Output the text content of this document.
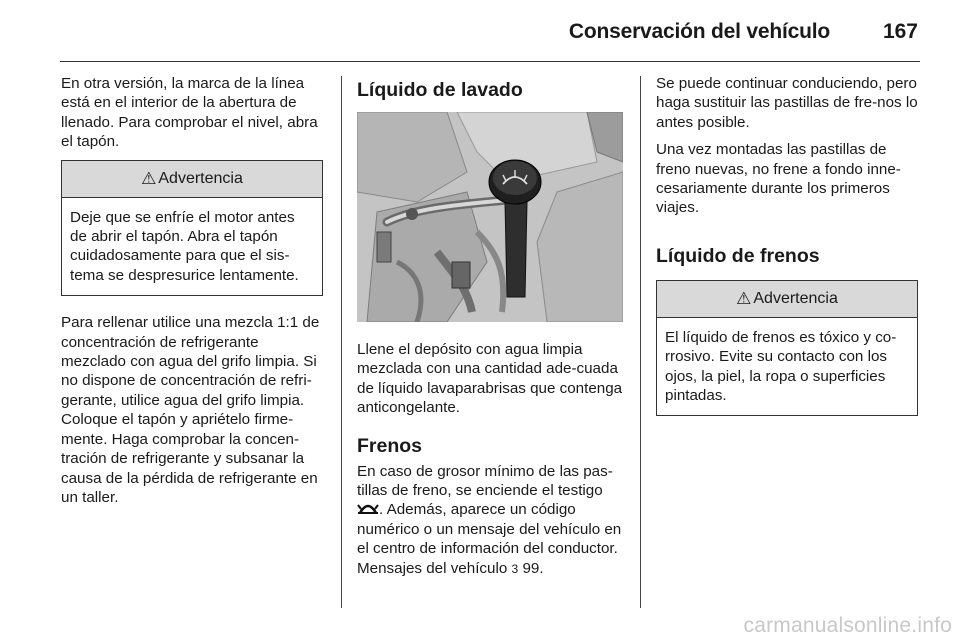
Conservación del vehículo	167

En otra versión, la marca de la línea está en el interior de la abertura de llenado. Para comprobar el nivel, abra el tapón.

⚠ Advertencia
Deje que se enfríe el motor antes de abrir el tapón. Abra el tapón cuidadosamente para que el sis-tema se despresurice lentamente.

Para rellenar utilice una mezcla 1:1 de concentración de refrigerante mezclado con agua del grifo limpia. Si no dispone de concentración de refri-gerante, utilice agua del grifo limpia. Coloque el tapón y apriételo firme-mente. Haga comprobar la concen-tración de refrigerante y subsanar la causa de la pérdida de refrigerante en un taller.

Líquido de lavado

Llene el depósito con agua limpia mezclada con una cantidad ade-cuada de líquido lavaparabrisas que contenga anticongelante.

Frenos

En caso de grosor mínimo de las pas-tillas de freno, se enciende el testigo . Además, aparece un código numérico o un mensaje del vehículo en el centro de información del conductor. Mensajes del vehículo 3 99.

Se puede continuar conduciendo, pero haga sustituir las pastillas de fre-nos lo antes posible.

Una vez montadas las pastillas de freno nuevas, no frene a fondo inne-cesariamente durante los primeros viajes.

Líquido de frenos
⚠ Advertencia
El líquido de frenos es tóxico y co-rrosivo. Evite su contacto con los ojos, la piel, la ropa o superficies pintadas.
carmanualsonline.info
